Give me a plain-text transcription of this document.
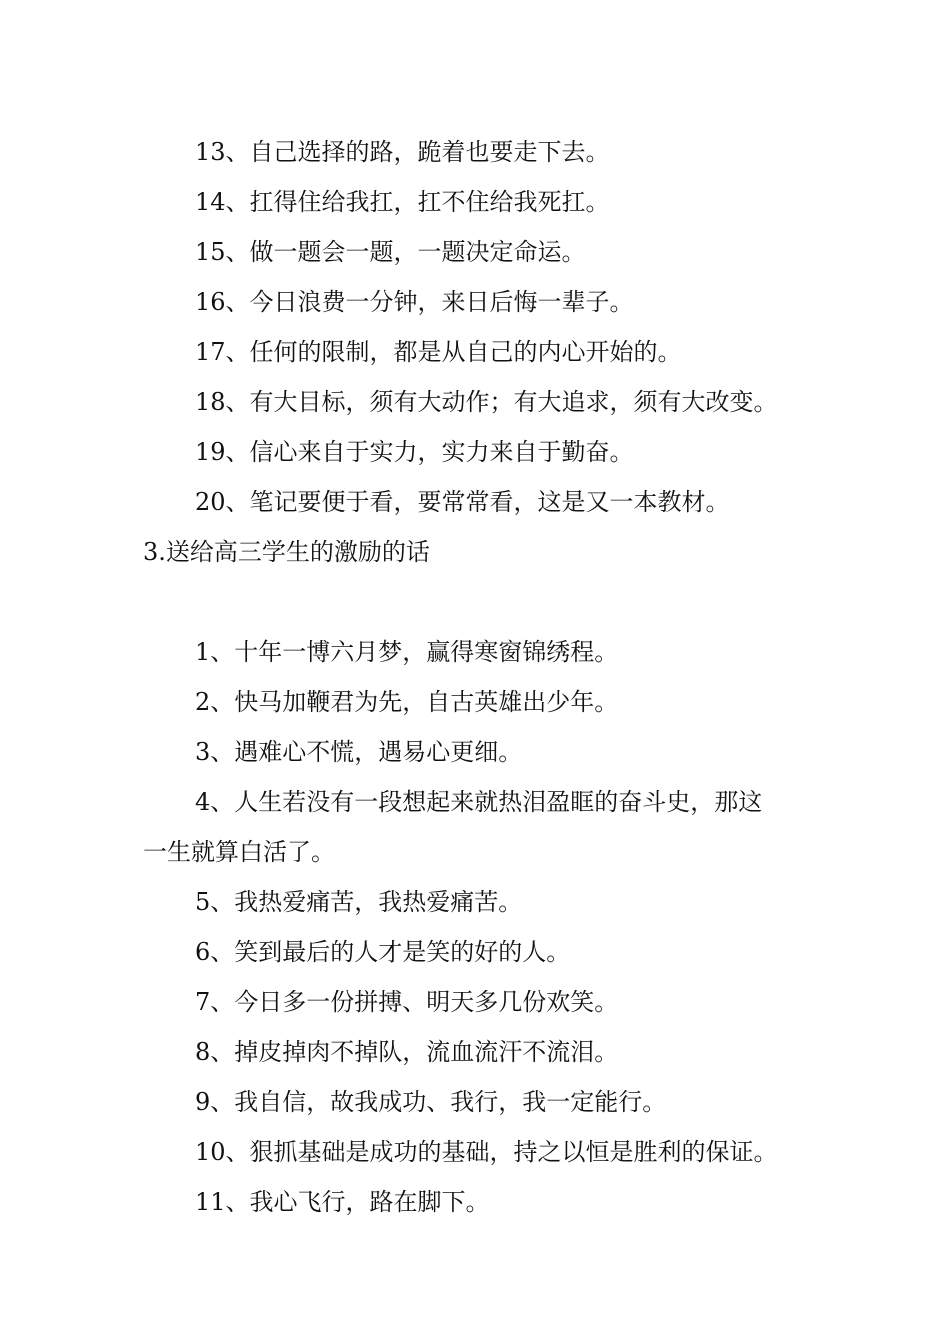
13、自己选择的路，跪着也要走下去。

14、扛得住给我扛，扛不住给我死扛。

15、做一题会一题，一题决定命运。

16、今日浪费一分钟，来日后悔一辈子。

17、任何的限制，都是从自己的内心开始的。

18、有大目标，须有大动作；有大追求，须有大改变。

19、信心来自于实力，实力来自于勤奋。

20、笔记要便于看，要常常看，这是又一本教材。

3.送给高三学生的激励的话

1、十年一博六月梦，赢得寒窗锦绣程。

2、快马加鞭君为先，自古英雄出少年。

3、遇难心不慌，遇易心更细。

4、人生若没有一段想起来就热泪盈眶的奋斗史，那这

一生就算白活了。

5、我热爱痛苦，我热爱痛苦。

6、笑到最后的人才是笑的好的人。

7、今日多一份拼搏、明天多几份欢笑。

8、掉皮掉肉不掉队，流血流汗不流泪。

9、我自信，故我成功、我行，我一定能行。

10、狠抓基础是成功的基础，持之以恒是胜利的保证。

11、我心飞行，路在脚下。
